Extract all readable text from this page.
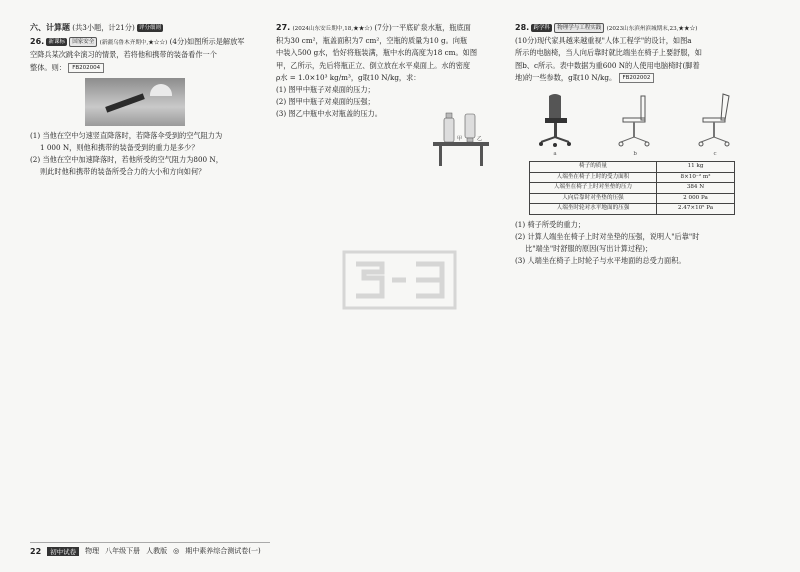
六、计算题 (共3小题，计21分) 评分细则

26. 新课标 国家安全 (新疆乌鲁木齐期中,★☆☆) (4分)如图所示是解放军

空降兵某次跳伞演习的情景，若将他和携带的装备看作一个

整体。则： FB202004

(1) 当他在空中匀速竖直降落时，若降落伞受到的空气阻力为

1 000 N，则他和携带的装备受到的重力是多少？

(2) 当他在空中加速降落时，若他所受的空气阻力为800 N，

则此时他和携带的装备所受合力的大小和方向如何？

27. (2024山东安丘期中,18,★★☆) (7分)一平底矿泉水瓶，瓶底面

积为30 cm²，瓶盖面积为7 cm²，空瓶的质量为10 g。向瓶

中装入500 g水，恰好将瓶装满，瓶中水的高度为18 cm。如图

甲，乙所示，先后将瓶正立、倒立放在水平桌面上。水的密度

ρ水 = 1.0×10³ kg/m³，g取10 N/kg，求：

(1) 图甲中瓶子对桌面的压力；

(2) 图甲中瓶子对桌面的压强；

(3) 图乙中瓶中水对瓶盖的压力。

甲	乙

28. 跨学科 物理学与工程实践 (2023山东滨州滨城期末,23,★★☆)

(10分)现代家具越来越重视"人体工程学"的设计，如图a

所示的电脑椅，当人向后靠时就比端坐在椅子上要舒服，如

图b、c所示。表中数据为重600 N的人使用电脑椅时(脚着

地)的一些参数，g取10 N/kg。 FB202002

a	b	c
椅子的质量	11 kg
人端坐在椅子上时的受力面积	8×10⁻² m²
人端坐在椅子上时对坐垫的压力	384 N
人向后靠时对坐垫的压强	2 000 Pa
人端坐时轮对水平地面的压强	2.47×10⁵ Pa

(1) 椅子所受的重力；

(2) 计算人端坐在椅子上时对坐垫的压强，说明人"后靠"时

比"端坐"时舒服的原因(写出计算过程)；

(3) 人端坐在椅子上时轮子与水平地面的总受力面积。

22	初中试卷	物理 八年级下册 人教版 ◎ 期中素养综合测试卷(一)
